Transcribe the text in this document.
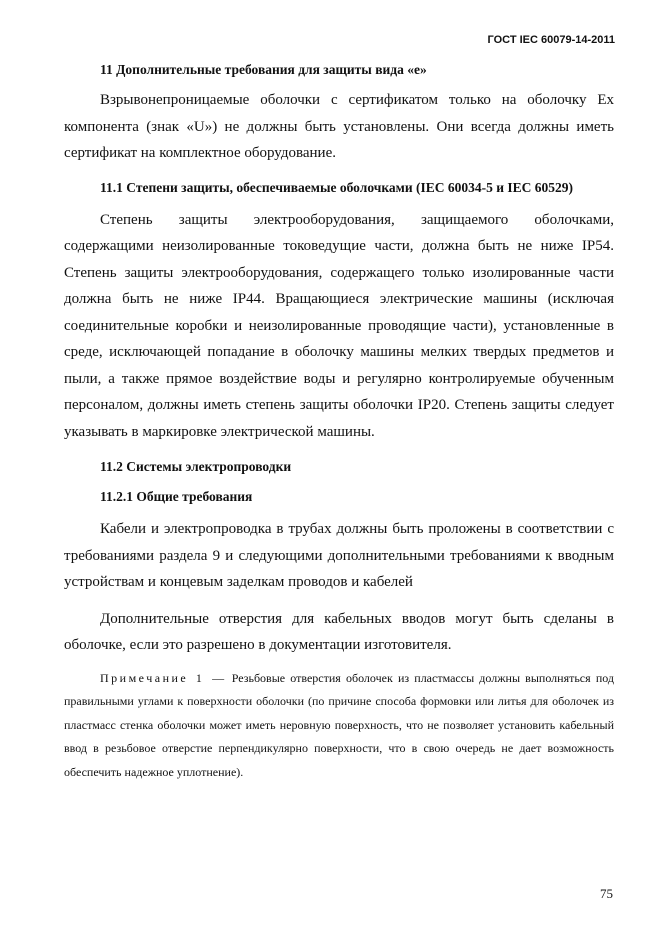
ГОСТ IEC 60079-14-2011

11 Дополнительные требования для защиты вида «е»

Взрывонепроницаемые оболочки с сертификатом только на оболочку Ex компонента (знак «U») не должны быть установлены. Они всегда должны иметь сертификат на комплектное оборудование.

11.1 Степени защиты, обеспечиваемые оболочками (IEC 60034-5 и IEC 60529)

Степень защиты электрооборудования, защищаемого оболочками, содержащими неизолированные токоведущие части, должна быть не ниже IP54. Степень защиты электрооборудования, содержащего только изолированные части должна быть не ниже IP44. Вращающиеся электрические машины (исключая соединительные коробки и неизолированные проводящие части), установленные в среде, исключающей попадание в оболочку машины мелких твердых предметов и пыли, а также прямое воздействие воды и регулярно контролируемые обученным персоналом, должны иметь степень защиты оболочки IP20. Степень защиты следует указывать в маркировке электрической машины.

11.2 Системы электропроводки

11.2.1 Общие требования

Кабели и электропроводка в трубах должны быть проложены в соответствии с требованиями раздела 9 и следующими дополнительными требованиями к вводным устройствам и концевым заделкам проводов и кабелей

Дополнительные отверстия для кабельных вводов могут быть сделаны в оболочке, если это разрешено в документации изготовителя.

Примечание 1 — Резьбовые отверстия оболочек из пластмассы должны выполняться под правильными углами к поверхности оболочки (по причине способа формовки или литья для оболочек из пластмасс стенка оболочки может иметь неровную поверхность, что не позволяет установить кабельный ввод в резьбовое отверстие перпендикулярно поверхности, что в свою очередь не дает возможность обеспечить надежное уплотнение).

75
